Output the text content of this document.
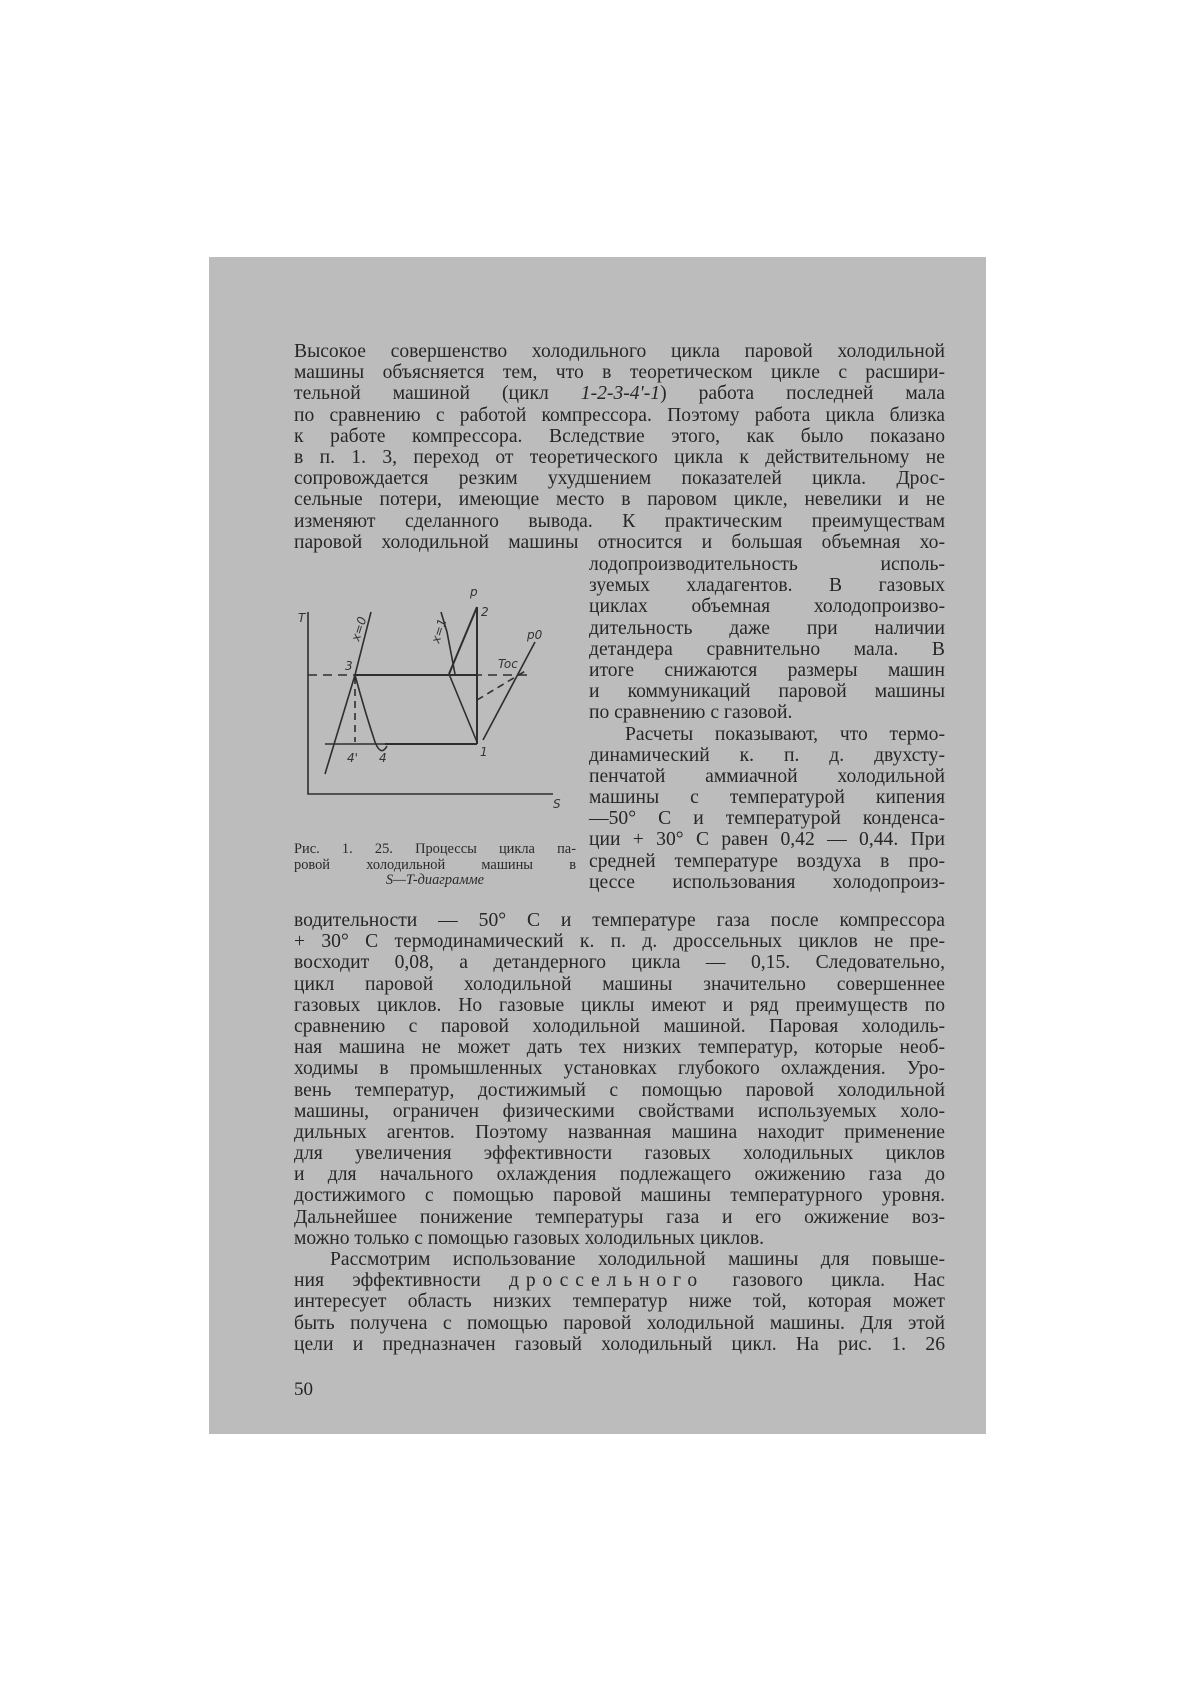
Высокое совершенство холодильного цикла паровой холодильной
машины объясняется тем, что в теоретическом цикле с расшири-
тельной машиной (цикл 1-2-3-4'-1) работа последней мала
по сравнению с работой компрессора. Поэтому работа цикла близка
к работе компрессора. Вследствие этого, как было показано
в п. 1. 3, переход от теоретического цикла к действительному не
сопровождается резким ухудшением показателей цикла. Дрос-
сельные потери, имеющие место в паровом цикле, невелики и не
изменяют сделанного вывода. К практическим преимуществам
паровой холодильной машины относится и большая объемная хо-
T
S
p
p0
Toc
x=0	x=1
2
3
1
4' 4
Рис. 1. 25. Процессы цикла па-
ровой холодильной машины в
S—T-диаграмме
лодопроизводительность исполь-
зуемых хладагентов. В газовых
циклах объемная холодопроизво-
дительность даже при наличии
детандера сравнительно мала. В
итоге снижаются размеры машин
и коммуникаций паровой машины
по сравнению с газовой.
Расчеты показывают, что термо-
динамический к. п. д. двухсту-
пенчатой аммиачной холодильной
машины с температурой кипения
—50° С и температурой конденса-
ции + 30° С равен 0,42 — 0,44. При
средней температуре воздуха в про-
цессе использования холодопроиз-
водительности — 50° С и температуре газа после компрессора
+ 30° С термодинамический к. п. д. дроссельных циклов не пре-
восходит 0,08, а детандерного цикла — 0,15. Следовательно,
цикл паровой холодильной машины значительно совершеннее
газовых циклов. Но газовые циклы имеют и ряд преимуществ по
сравнению с паровой холодильной машиной. Паровая холодиль-
ная машина не может дать тех низких температур, которые необ-
ходимы в промышленных установках глубокого охлаждения. Уро-
вень температур, достижимый с помощью паровой холодильной
машины, ограничен физическими свойствами используемых холо-
дильных агентов. Поэтому названная машина находит применение
для увеличения эффективности газовых холодильных циклов
и для начального охлаждения подлежащего ожижению газа до
достижимого с помощью паровой машины температурного уровня.
Дальнейшее понижение температуры газа и его ожижение воз-
можно только с помощью газовых холодильных циклов.
Рассмотрим использование холодильной машины для повыше-
ния эффективности дроссельного газового цикла. Нас
интересует область низких температур ниже той, которая может
быть получена с помощью паровой холодильной машины. Для этой
цели и предназначен газовый холодильный цикл. На рис. 1. 26
50
